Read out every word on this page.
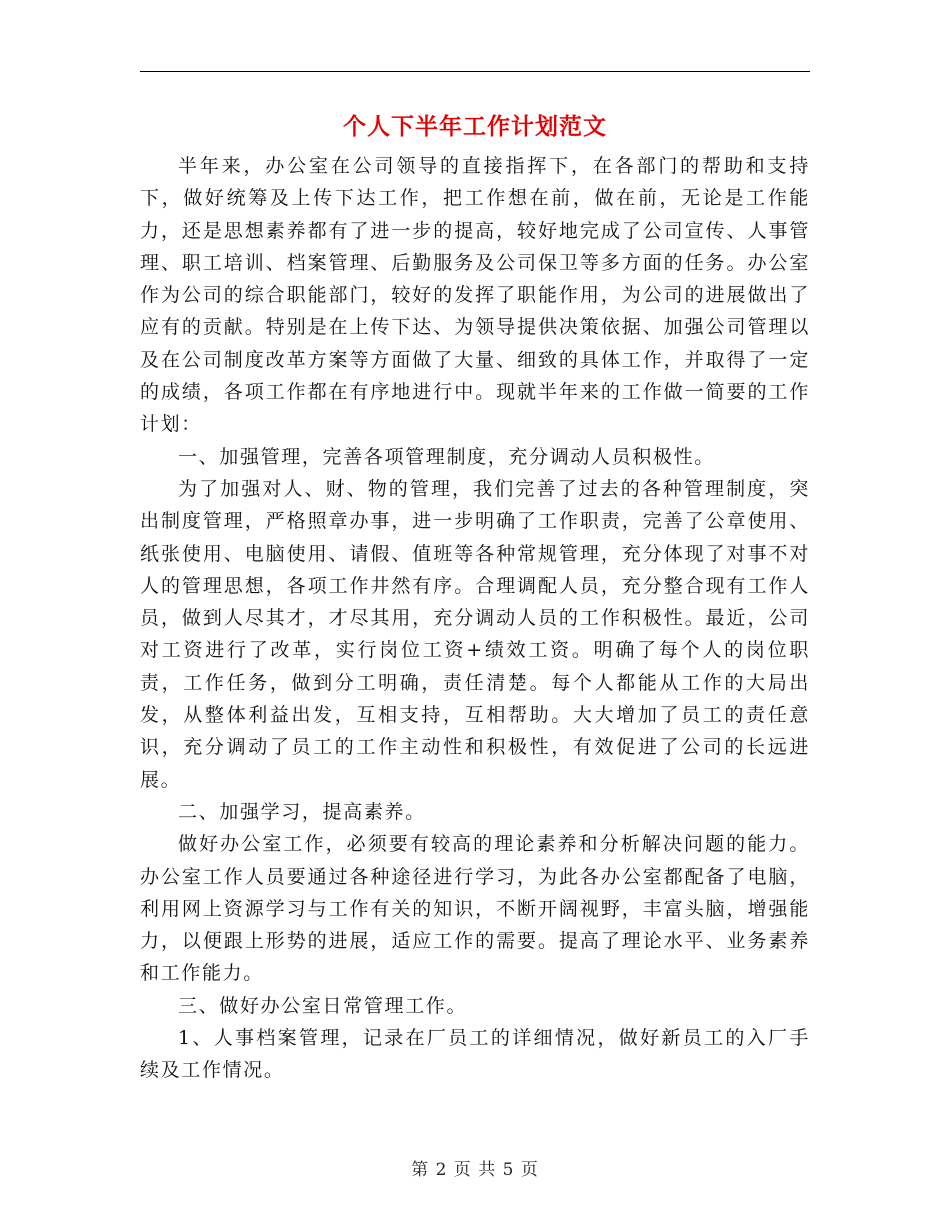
个人下半年工作计划范文

半年来，办公室在公司领导的直接指挥下，在各部门的帮助和支持下，做好统筹及上传下达工作，把工作想在前，做在前，无论是工作能力，还是思想素养都有了进一步的提高，较好地完成了公司宣传、人事管理、职工培训、档案管理、后勤服务及公司保卫等多方面的任务。办公室作为公司的综合职能部门，较好的发挥了职能作用，为公司的进展做出了应有的贡献。特别是在上传下达、为领导提供决策依据、加强公司管理以及在公司制度改革方案等方面做了大量、细致的具体工作，并取得了一定的成绩，各项工作都在有序地进行中。现就半年来的工作做一简要的工作计划：

一、加强管理，完善各项管理制度，充分调动人员积极性。

为了加强对人、财、物的管理，我们完善了过去的各种管理制度，突出制度管理，严格照章办事，进一步明确了工作职责，完善了公章使用、纸张使用、电脑使用、请假、值班等各种常规管理，充分体现了对事不对人的管理思想，各项工作井然有序。合理调配人员，充分整合现有工作人员，做到人尽其才，才尽其用，充分调动人员的工作积极性。最近，公司对工资进行了改革，实行岗位工资+绩效工资。明确了每个人的岗位职责，工作任务，做到分工明确，责任清楚。每个人都能从工作的大局出发，从整体利益出发，互相支持，互相帮助。大大增加了员工的责任意识，充分调动了员工的工作主动性和积极性，有效促进了公司的长远进展。

二、加强学习，提高素养。

做好办公室工作，必须要有较高的理论素养和分析解决问题的能力。办公室工作人员要通过各种途径进行学习，为此各办公室都配备了电脑，利用网上资源学习与工作有关的知识，不断开阔视野，丰富头脑，增强能力，以便跟上形势的进展，适应工作的需要。提高了理论水平、业务素养和工作能力。

三、做好办公室日常管理工作。

1、人事档案管理，记录在厂员工的详细情况，做好新员工的入厂手续及工作情况。

第 2 页 共 5 页
